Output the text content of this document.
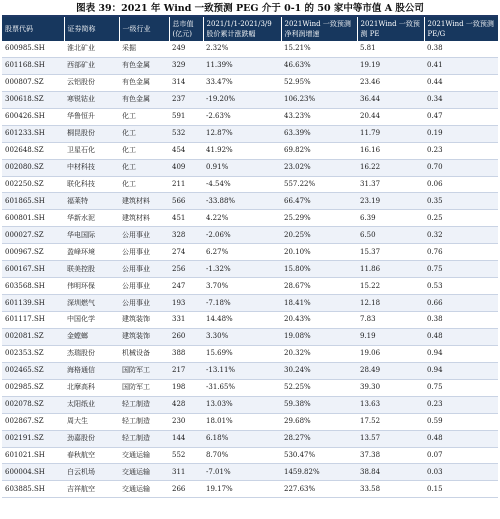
图表 39：2021 年 Wind 一致预测 PEG 介于 0-1 的 50 家中等市值 A 股公司
股票代码	证券简称	一级行业	总市值(亿元)	2021/1/1-2021/3/9 股价累计涨跌幅	2021Wind 一致预测净利润增速	2021Wind 一致预测 PE	2021Wind 一致预测 PE/G
600985.SH	淮北矿业	采掘	249	2.32%	15.21%	5.81	0.38
601168.SH	西部矿业	有色金属	329	11.39%	46.63%	19.19	0.41
000807.SZ	云铝股份	有色金属	314	33.47%	52.95%	23.46	0.44
300618.SZ	寒锐钴业	有色金属	237	-19.20%	106.23%	36.44	0.34
600426.SH	华鲁恒升	化工	591	-2.63%	43.23%	20.44	0.47
601233.SH	桐昆股份	化工	532	12.87%	63.39%	11.79	0.19
002648.SZ	卫星石化	化工	454	41.92%	69.82%	16.16	0.23
002080.SZ	中材科技	化工	409	0.91%	23.02%	16.22	0.70
002250.SZ	联化科技	化工	211	-4.54%	557.22%	31.37	0.06
601865.SH	福莱特	建筑材料	566	-33.88%	66.47%	23.19	0.35
600801.SH	华新水泥	建筑材料	451	4.22%	25.29%	6.39	0.25
000027.SZ	华电国际	公用事业	328	-2.06%	20.25%	6.50	0.32
000967.SZ	盈峰环境	公用事业	274	6.27%	20.10%	15.37	0.76
600167.SH	联美控股	公用事业	256	-1.32%	15.80%	11.86	0.75
603568.SH	伟明环保	公用事业	247	3.70%	28.67%	15.22	0.53
601139.SH	深圳燃气	公用事业	193	-7.18%	18.41%	12.18	0.66
601117.SH	中国化学	建筑装饰	331	14.48%	20.43%	7.83	0.38
002081.SZ	金螳螂	建筑装饰	260	3.30%	19.08%	9.19	0.48
002353.SZ	杰瑞股份	机械设备	388	15.69%	20.32%	19.06	0.94
002465.SZ	海格通信	国防军工	217	-13.11%	30.24%	28.49	0.94
002985.SZ	北摩高科	国防军工	198	-31.65%	52.25%	39.30	0.75
002078.SZ	太阳纸业	轻工制造	428	13.03%	59.38%	13.63	0.23
002867.SZ	周大生	轻工制造	230	18.01%	29.68%	17.52	0.59
002191.SZ	劲嘉股份	轻工制造	144	6.18%	28.27%	13.57	0.48
601021.SH	春秋航空	交通运输	552	8.70%	530.47%	37.38	0.07
600004.SH	白云机场	交通运输	311	-7.01%	1459.82%	38.84	0.03
603885.SH	吉祥航空	交通运输	266	19.17%	227.63%	33.58	0.15
